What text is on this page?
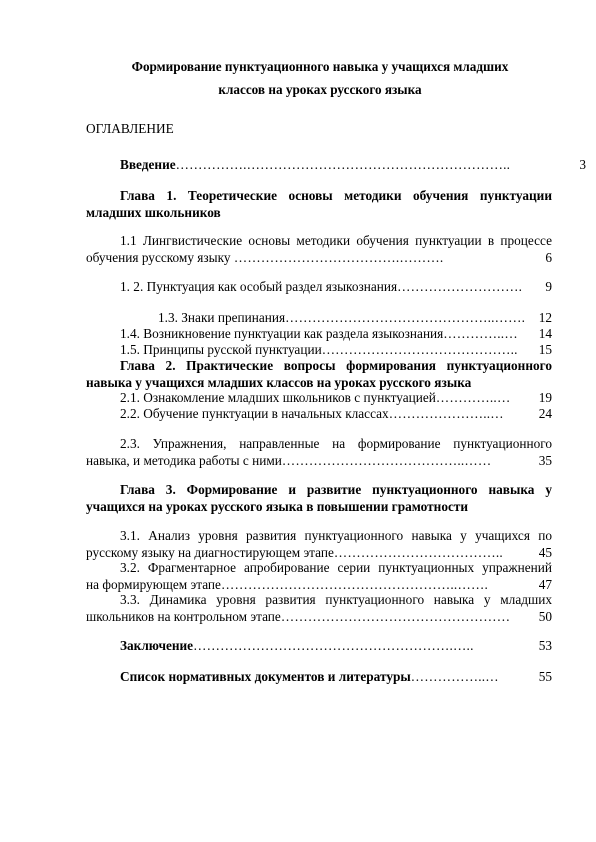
Формирование пунктуационного навыка у учащихся младших
классов на уроках русского языка
ОГЛАВЛЕНИЕ
Введение …………….…………………………………………………..	3
Глава 1. Теоретические основы методики обучения пунктуации
младших школьников
1.1 Лингвистические основы методики обучения пунктуации в процессе
обучения русскому языку
……………………………….……….	6
1. 2. Пунктуация как особый раздел языкознания ……………………….	9
1.3. Знаки препинания ………………………………………..…….	12
1.4. Возникновение пунктуации как раздела языкознания …………..…	14
1.5. Принципы русской пунктуации ……………………………………..	15
Глава 2. Практические вопросы формирования пунктуационного
навыка у учащихся младших классов на уроках русского языка
2.1. Ознакомление младших школьников с пунктуацией …………..…	19
2.2. Обучение пунктуации в начальных классах …………………..…	24
2.3. Упражнения, направленные на формирование пунктуационного
навыка, и методика работы с ними …………………………………..……	35
Глава 3. Формирование и развитие пунктуационного навыка у
учащихся на уроках русского языка в повышении грамотности
3.1. Анализ уровня развития пунктуационного навыка у учащихся по
русскому языку на диагностирующем этапе ………………………………..	45
3.2. Фрагментарное апробирование серии пунктуационных упражнений
на формирующем этапе ……………………………………………..…….	47
3.3. Динамика уровня развития пунктуационного навыка у младших
школьников на контрольном этапе ……………………………………………	50
Заключение ………………………………………………….…..	53
Список нормативных документов и литературы ……………..…	55
